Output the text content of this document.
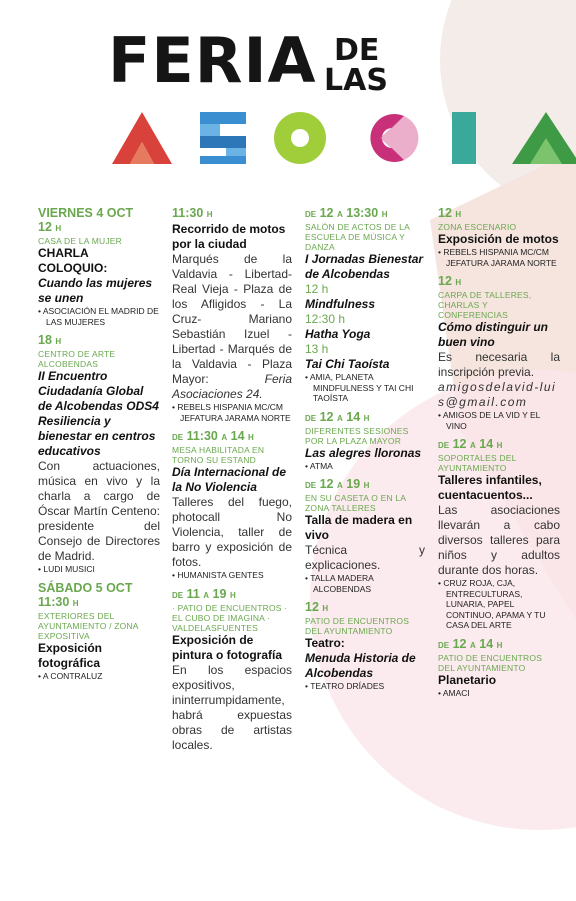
FERIA DE
LAS
VIERNES 4 OCT
12 H
CASA DE LA MUJER
CHARLA COLOQUIO:
Cuando las mujeres se unen
• ASOCIACIÓN EL MADRID DE LAS MUJERES
18 H
CENTRO DE ARTE ALCOBENDAS
II Encuentro Ciudadanía Global de Alcobendas ODS4
Resiliencia y bienestar en centros educativos
Con actuaciones, música en vivo y la charla a cargo de Óscar Martín Centeno: presidente del Consejo de Directores de Madrid.
• LUDI MUSICI
SÁBADO 5 OCT
11:30 H
EXTERIORES DEL AYUNTAMIENTO / ZONA EXPOSITIVA
Exposición fotográfica
• A CONTRALUZ
11:30 H
Recorrido de motos por la ciudad
Marqués de la Valdavia - Libertad-Real Vieja - Plaza de los Afligidos - La Cruz- Mariano Sebastián Izuel - Libertad - Marqués de la Valdavia - Plaza Mayor:	Feria Asociaciones 24.
• REBELS HISPANIA MC/CM JEFATURA JARAMA NORTE
DE 11:30 A 14 H
MESA HABILITADA EN TORNO SU ESTAND
Día Internacional de la No Violencia
Talleres del fuego, photocall No Violencia, taller de barro y exposición de fotos.
• HUMANISTA GENTES
DE 11 A 19 H
· PATIO DE ENCUENTROS · EL CUBO DE IMAGINA · VALDELASFUENTES
Exposición de pintura o fotografía
En los espacios expositivos, ininterrumpidamente, habrá expuestas obras de artistas locales.
DE 12 A 13:30 H
SALÓN DE ACTOS DE LA ESCUELA DE MÚSICA Y DANZA
I Jornadas Bienestar de Alcobendas
12 h
Mindfulness
12:30 h
Hatha Yoga
13 h
Tai Chi Taoísta
• AMIA, PLANETA MINDFULNESS Y TAI CHI TAOÍSTA
DE 12 A 14 H
DIFERENTES SESIONES POR LA PLAZA MAYOR
Las alegres lloronas
• ATMA
DE 12 A 19 H
EN SU CASETA O EN LA ZONA TALLERES
Talla de madera en vivo
Técnica y explicaciones.
• TALLA MADERA ALCOBENDAS
12 H
PATIO DE ENCUENTROS DEL AYUNTAMIENTO
Teatro:
Menuda Historia de Alcobendas
• TEATRO DRÍADES
12 H
ZONA ESCENARIO
Exposición de motos
• REBELS HISPANIA MC/CM JEFATURA JARAMA NORTE
12 H
CARPA DE TALLERES, CHARLAS Y CONFERENCIAS
Cómo distinguir un buen vino
Es necesaria la inscripción previa.
amigosdelavid-luis@gmail.com
• AMIGOS DE LA VID Y EL VINO
DE 12 A 14 H
SOPORTALES DEL AYUNTAMIENTO
Talleres infantiles, cuentacuentos...
Las asociaciones llevarán a cabo diversos talleres para niños y adultos durante dos horas.
• CRUZ ROJA, CJA, ENTRECULTURAS, LUNARIA, PAPEL CONTINUO, APAMA Y TU CASA DEL ARTE
DE 12 A 14 H
PATIO DE ENCUENTROS DEL AYUNTAMIENTO
Planetario
• AMACI
